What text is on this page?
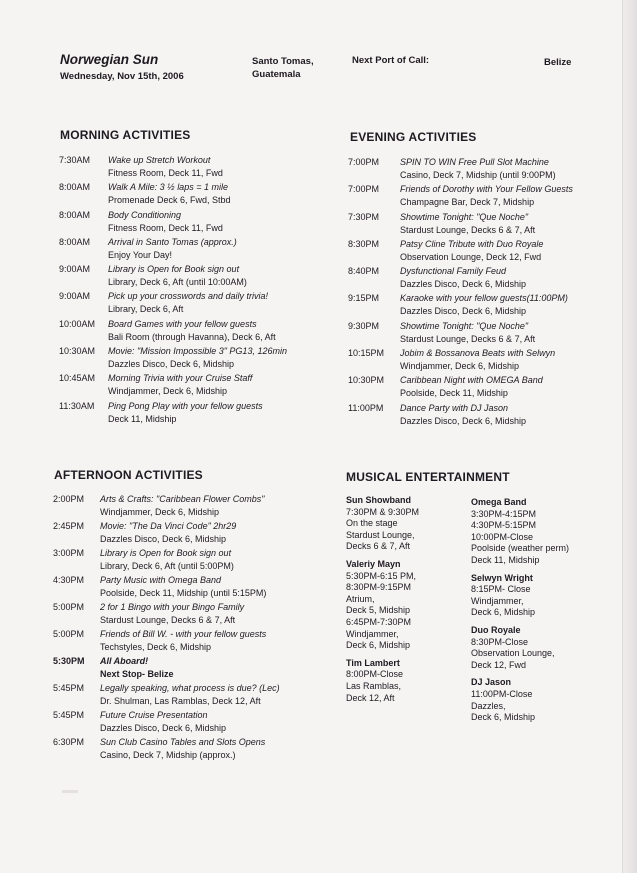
Norwegian Sun
Wednesday, Nov 15th, 2006
Santo Tomas,
Guatemala
Next Port of Call:	Belize
MORNING ACTIVITIES
7:30AM Wake up Stretch Workout
Fitness Room, Deck 11, Fwd
8:00AM Walk A Mile: 3 ½ laps = 1 mile
Promenade Deck 6, Fwd, Stbd
8:00AM Body Conditioning
Fitness Room, Deck 11, Fwd
8:00AM Arrival in Santo Tomas (approx.)
Enjoy Your Day!
9:00AM Library is Open for Book sign out
Library, Deck 6, Aft (until 10:00AM)
9:00AM Pick up your crosswords and daily trivia!
Library, Deck 6, Aft
10:00AM Board Games with your fellow guests
Bali Room (through Havanna), Deck 6, Aft
10:30AM Movie: "Mission Impossible 3" PG13, 126min
Dazzles Disco, Deck 6, Midship
10:45AM Morning Trivia with your Cruise Staff
Windjammer, Deck 6, Midship
11:30AM Ping Pong Play with your fellow guests
Deck 11, Midship
EVENING ACTIVITIES
7:00PM SPIN TO WIN Free Pull Slot Machine
Casino, Deck 7, Midship (until 9:00PM)
7:00PM Friends of Dorothy with Your Fellow Guests
Champagne Bar, Deck 7, Midship
7:30PM Showtime Tonight: "Que Noche"
Stardust Lounge, Decks 6 & 7, Aft
8:30PM Patsy Cline Tribute with Duo Royale
Observation Lounge, Deck 12, Fwd
8:40PM Dysfunctional Family Feud
Dazzles Disco, Deck 6, Midship
9:15PM Karaoke with your fellow guests(11:00PM)
Dazzles Disco, Deck 6, Midship
9:30PM Showtime Tonight: "Que Noche"
Stardust Lounge, Decks 6 & 7, Aft
10:15PM Jobim & Bossanova Beats with Selwyn
Windjammer, Deck 6, Midship
10:30PM Caribbean Night with OMEGA Band
Poolside, Deck 11, Midship
11:00PM Dance Party with DJ Jason
Dazzles Disco, Deck 6, Midship
AFTERNOON ACTIVITIES
2:00PM Arts & Crafts: "Caribbean Flower Combs"
Windjammer, Deck 6, Midship
2:45PM Movie: "The Da Vinci Code" 2hr29
Dazzles Disco, Deck 6, Midship
3:00PM Library is Open for Book sign out
Library, Deck 6, Aft (until 5:00PM)
4:30PM Party Music with Omega Band
Poolside, Deck 11, Midship (until 5:15PM)
5:00PM 2 for 1 Bingo with your Bingo Family
Stardust Lounge, Decks 6 & 7, Aft
5:00PM Friends of Bill W. - with your fellow guests
Techstyles, Deck 6, Midship
5:30PM All Aboard!
Next Stop- Belize
5:45PM Legally speaking, what process is due? (Lec)
Dr. Shulman, Las Ramblas, Deck 12, Aft
5:45PM Future Cruise Presentation
Dazzles Disco, Deck 6, Midship
6:30PM Sun Club Casino Tables and Slots Opens
Casino, Deck 7, Midship (approx.)
MUSICAL ENTERTAINMENT
Sun Showband
7:30PM & 9:30PM
On the stage
Stardust Lounge,
Decks 6 & 7, Aft
Valeriy Mayn
5:30PM-6:15 PM,
8:30PM-9:15PM
Atrium,
Deck 5, Midship
6:45PM-7:30PM
Windjammer,
Deck 6, Midship
Tim Lambert
8:00PM-Close
Las Ramblas,
Deck 12, Aft
Omega Band
3:30PM-4:15PM
4:30PM-5:15PM
10:00PM-Close
Poolside (weather perm)
Deck 11, Midship
Selwyn Wright
8:15PM- Close
Windjammer,
Deck 6, Midship
Duo Royale
8:30PM-Close
Observation Lounge,
Deck 12, Fwd
DJ Jason
11:00PM-Close
Dazzles,
Deck 6, Midship
